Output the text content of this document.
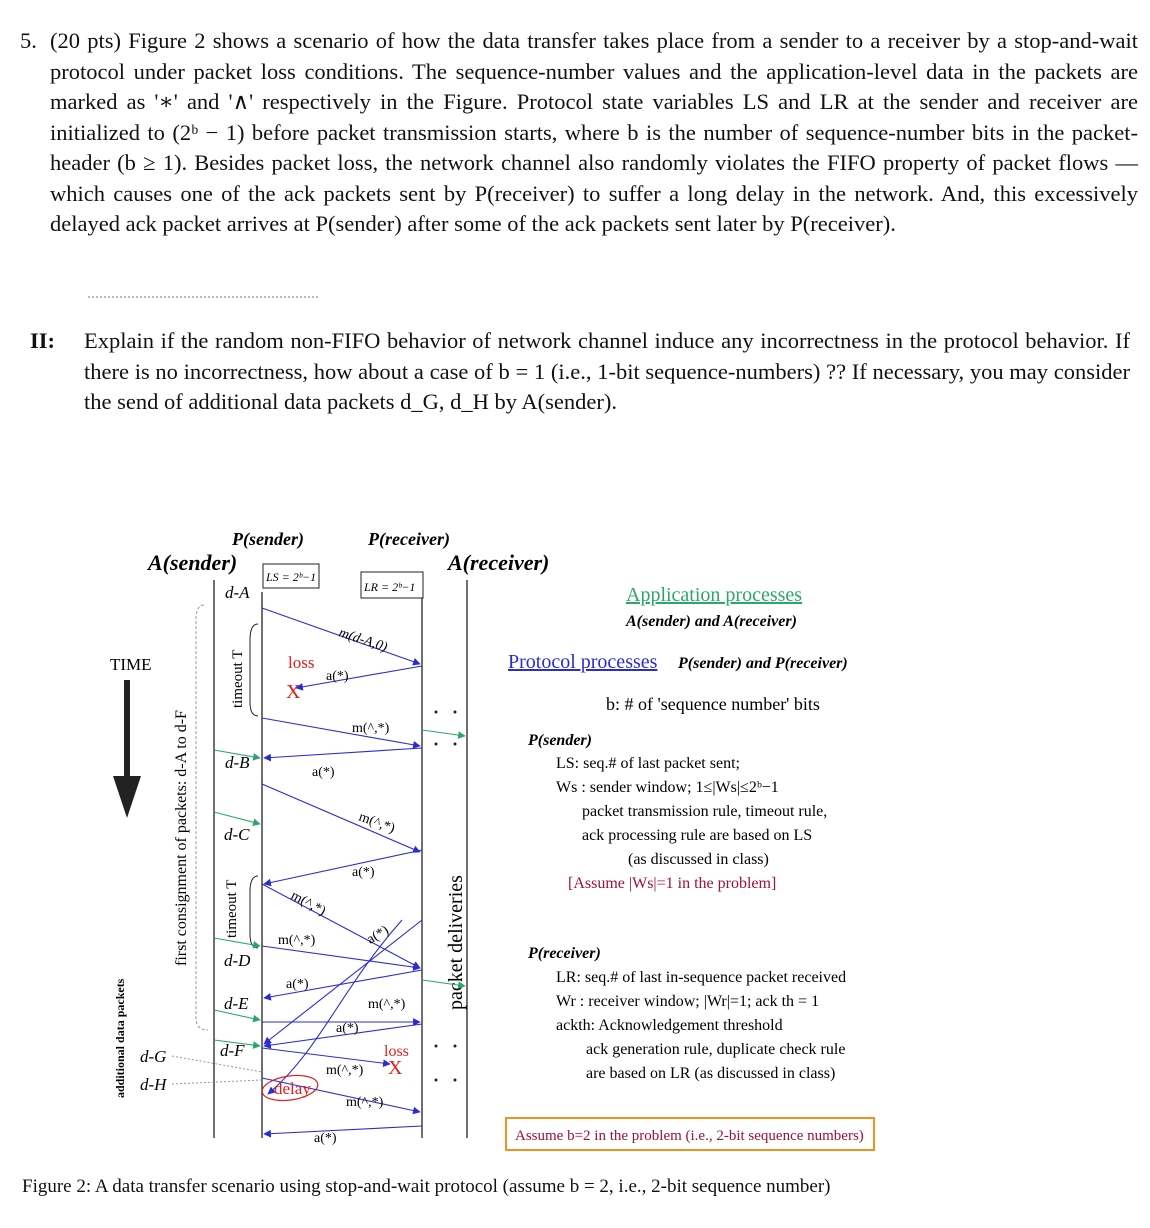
5. (20 pts) Figure 2 shows a scenario of how the data transfer takes place from a sender to a receiver by a stop-and-wait protocol under packet loss conditions. The sequence-number values and the application-level data in the packets are marked as '∗' and '∧' respectively in the Figure. Protocol state variables LS and LR at the sender and receiver are initialized to (2ᵇ − 1) before packet transmission starts, where b is the number of sequence-number bits in the packet-header (b ≥ 1). Besides packet loss, the network channel also randomly violates the FIFO property of packet flows — which causes one of the ack packets sent by P(receiver) to suffer a long delay in the network. And, this excessively delayed ack packet arrives at P(sender) after some of the ack packets sent later by P(receiver).
II: Explain if the random non-FIFO behavior of network channel induce any incorrectness in the protocol behavior. If there is no incorrectness, how about a case of b = 1 (i.e., 1-bit sequence-numbers) ?? If necessary, you may consider the send of additional data packets d_G, d_H by A(sender).
P(sender)	P(receiver)
A(sender)	A(receiver)
LS = 2ᵇ−1
LR = 2ᵇ−1
TIME
first consignment of packets: d-A to d-F
additional data packets
timeout T
timeout T	packet deliveries
d-A
d-B
d-C
d-D
d-E
d-F
d-G
d-H
m(d-A,0)
a(*)
m(^,*)
a(*)
m(^,*)
a(*)
m(^,*)
m(^,*)	a(*)
a(*)
m(^,*)
a(*)
m(^,*)
m(^,*)
a(*)
loss
X
loss
X
delay
Application processes
A(sender) and A(receiver)
Protocol processes P(sender) and P(receiver)
b: # of 'sequence number' bits
P(sender)
LS: seq.# of last packet sent;
Ws : sender window; 1≤|Ws|≤2ᵇ−1
packet transmission rule, timeout rule,
ack processing rule are based on LS
(as discussed in class)
[Assume |Ws|=1 in the problem]
P(receiver)
LR: seq.# of last in-sequence packet received
Wr : receiver window; |Wr|=1; ack th = 1
ackth: Acknowledgement threshold
ack generation rule, duplicate check rule
are based on LR (as discussed in class)
Assume b=2 in the problem (i.e., 2-bit sequence numbers)
Figure 2: A data transfer scenario using stop-and-wait protocol (assume b = 2, i.e., 2-bit sequence number)
